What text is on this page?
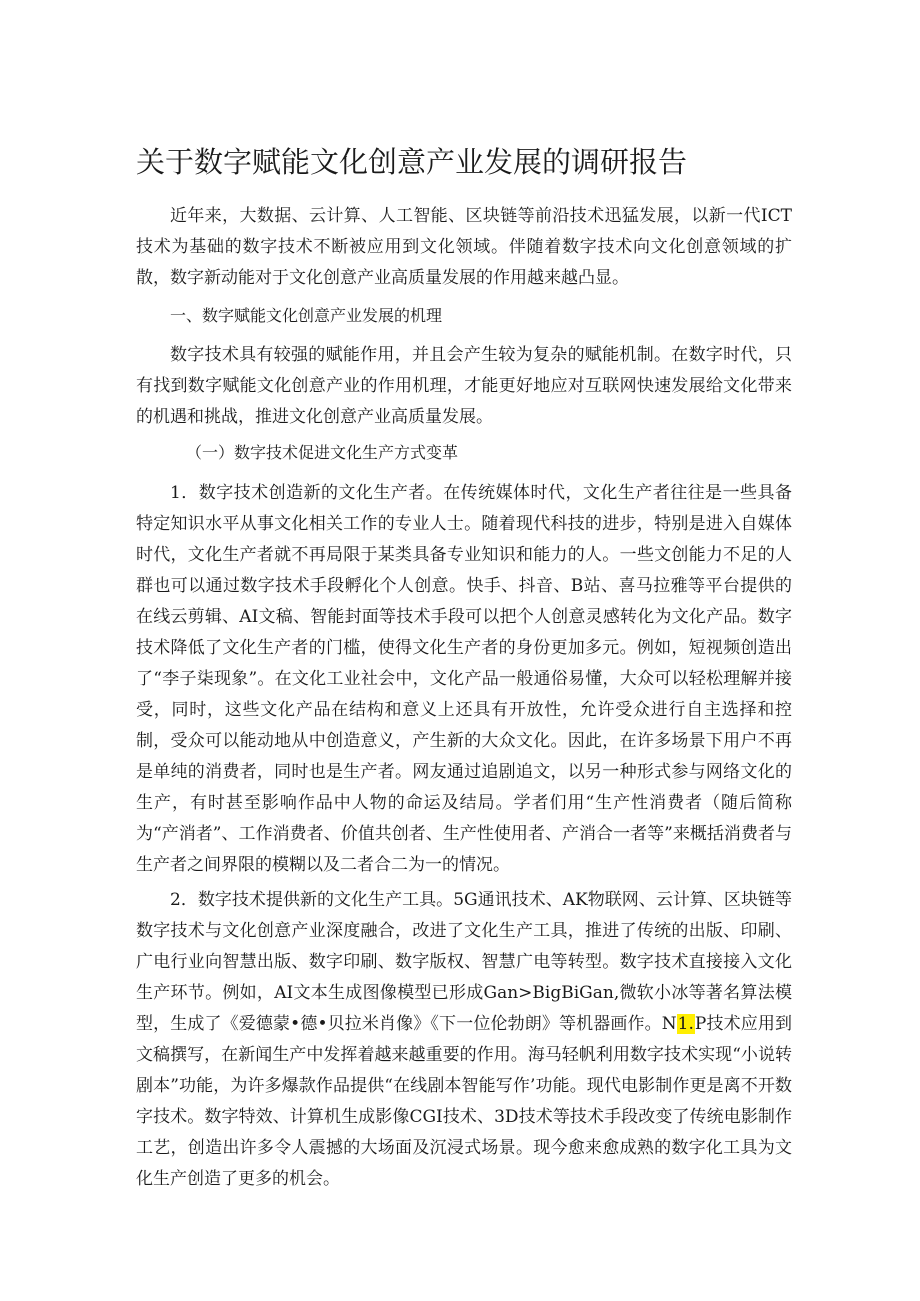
关于数字赋能文化创意产业发展的调研报告

近年来，大数据、云计算、人工智能、区块链等前沿技术迅猛发展，以新一代ICT技术为基础的数字技术不断被应用到文化领域。伴随着数字技术向文化创意领域的扩散，数字新动能对于文化创意产业高质量发展的作用越来越凸显。

一、数字赋能文化创意产业发展的机理

数字技术具有较强的赋能作用，并且会产生较为复杂的赋能机制。在数字时代，只有找到数字赋能文化创意产业的作用机理，才能更好地应对互联网快速发展给文化带来的机遇和挑战，推进文化创意产业高质量发展。

（一）数字技术促进文化生产方式变革

1．数字技术创造新的文化生产者。在传统媒体时代，文化生产者往往是一些具备特定知识水平从事文化相关工作的专业人士。随着现代科技的进步，特别是进入自媒体时代，文化生产者就不再局限于某类具备专业知识和能力的人。一些文创能力不足的人群也可以通过数字技术手段孵化个人创意。快手、抖音、B站、喜马拉雅等平台提供的在线云剪辑、AI文稿、智能封面等技术手段可以把个人创意灵感转化为文化产品。数字技术降低了文化生产者的门槛，使得文化生产者的身份更加多元。例如，短视频创造出了“李子柒现象”。在文化工业社会中，文化产品一般通俗易懂，大众可以轻松理解并接受，同时，这些文化产品在结构和意义上还具有开放性，允许受众进行自主选择和控制，受众可以能动地从中创造意义，产生新的大众文化。因此，在许多场景下用户不再是单纯的消费者，同时也是生产者。网友通过追剧追文，以另一种形式参与网络文化的生产，有时甚至影响作品中人物的命运及结局。学者们用“生产性消费者（随后简称为“产消者”、工作消费者、价值共创者、生产性使用者、产消合一者等”来概括消费者与生产者之间界限的模糊以及二者合二为一的情况。

2．数字技术提供新的文化生产工具。5G通讯技术、AK物联网、云计算、区块链等数字技术与文化创意产业深度融合，改进了文化生产工具，推进了传统的出版、印刷、广电行业向智慧出版、数字印刷、数字版权、智慧广电等转型。数字技术直接接入文化生产环节。例如，AI文本生成图像模型已形成Gan>BigBiGan,微软小冰等著名算法模型，生成了《爱德蒙•德•贝拉米肖像》《下一位伦勃朗》等机器画作。N1.P技术应用到文稿撰写，在新闻生产中发挥着越来越重要的作用。海马轻帆利用数字技术实现“小说转剧本”功能，为许多爆款作品提供“在线剧本智能写作’功能。现代电影制作更是离不开数字技术。数字特效、计算机生成影像CGI技术、3D技术等技术手段改变了传统电影制作工艺，创造出许多令人震撼的大场面及沉浸式场景。现今愈来愈成熟的数字化工具为文化生产创造了更多的机会。
